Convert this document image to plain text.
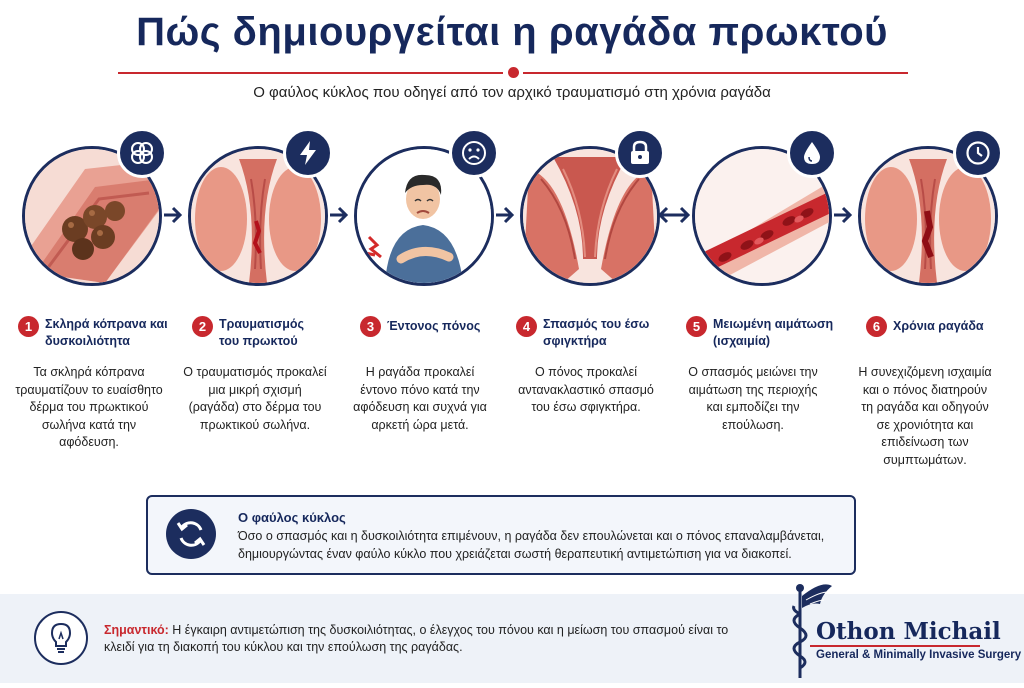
Πώς δημιουργείται η ραγάδα πρωκτού
Ο φαύλος κύκλος που οδηγεί από τον αρχικό τραυματισμό στη χρόνια ραγάδα
1	Σκληρά κόπρανα και δυσκοιλιότητα
2	Τραυματισμός του πρωκτού
3	Έντονος πόνος	4	Σπασμός του έσω σφιγκτήρα
5	Μειωμένη αιμάτωση (ισχαιμία)
6	Χρόνια ραγάδα
Τα σκληρά κόπρανα τραυματίζουν το ευαίσθητο δέρμα του πρωκτικού σωλήνα κατά την αφόδευση.
Ο τραυματισμός προκαλεί μια μικρή σχισμή (ραγάδα) στο δέρμα του πρωκτικού σωλήνα.
Η ραγάδα προκαλεί έντονο πόνο κατά την αφόδευση και συχνά για αρκετή ώρα μετά.
Ο πόνος προκαλεί αντανακλαστικό σπασμό του έσω σφιγκτήρα.
Ο σπασμός μειώνει την αιμάτωση της περιοχής και εμποδίζει την επούλωση.
Η συνεχιζόμενη ισχαιμία και ο πόνος διατηρούν τη ραγάδα και οδηγούν σε χρονιότητα και επιδείνωση των συμπτωμάτων.
Ο φαύλος κύκλος
Όσο ο σπασμός και η δυσκοιλιότητα επιμένουν, η ραγάδα δεν επουλώνεται και ο πόνος επαναλαμβάνεται, δημιουργώντας έναν φαύλο κύκλο που χρειάζεται σωστή θεραπευτική αντιμετώπιση για να διακοπεί.
Σημαντικό: Η έγκαιρη αντιμετώπιση της δυσκοιλιότητας, ο έλεγχος του πόνου και η μείωση του σπασμού είναι το κλειδί για τη διακοπή του κύκλου και την επούλωση της ραγάδας.
Othon Michail
General & Minimally Invasive Surgery
